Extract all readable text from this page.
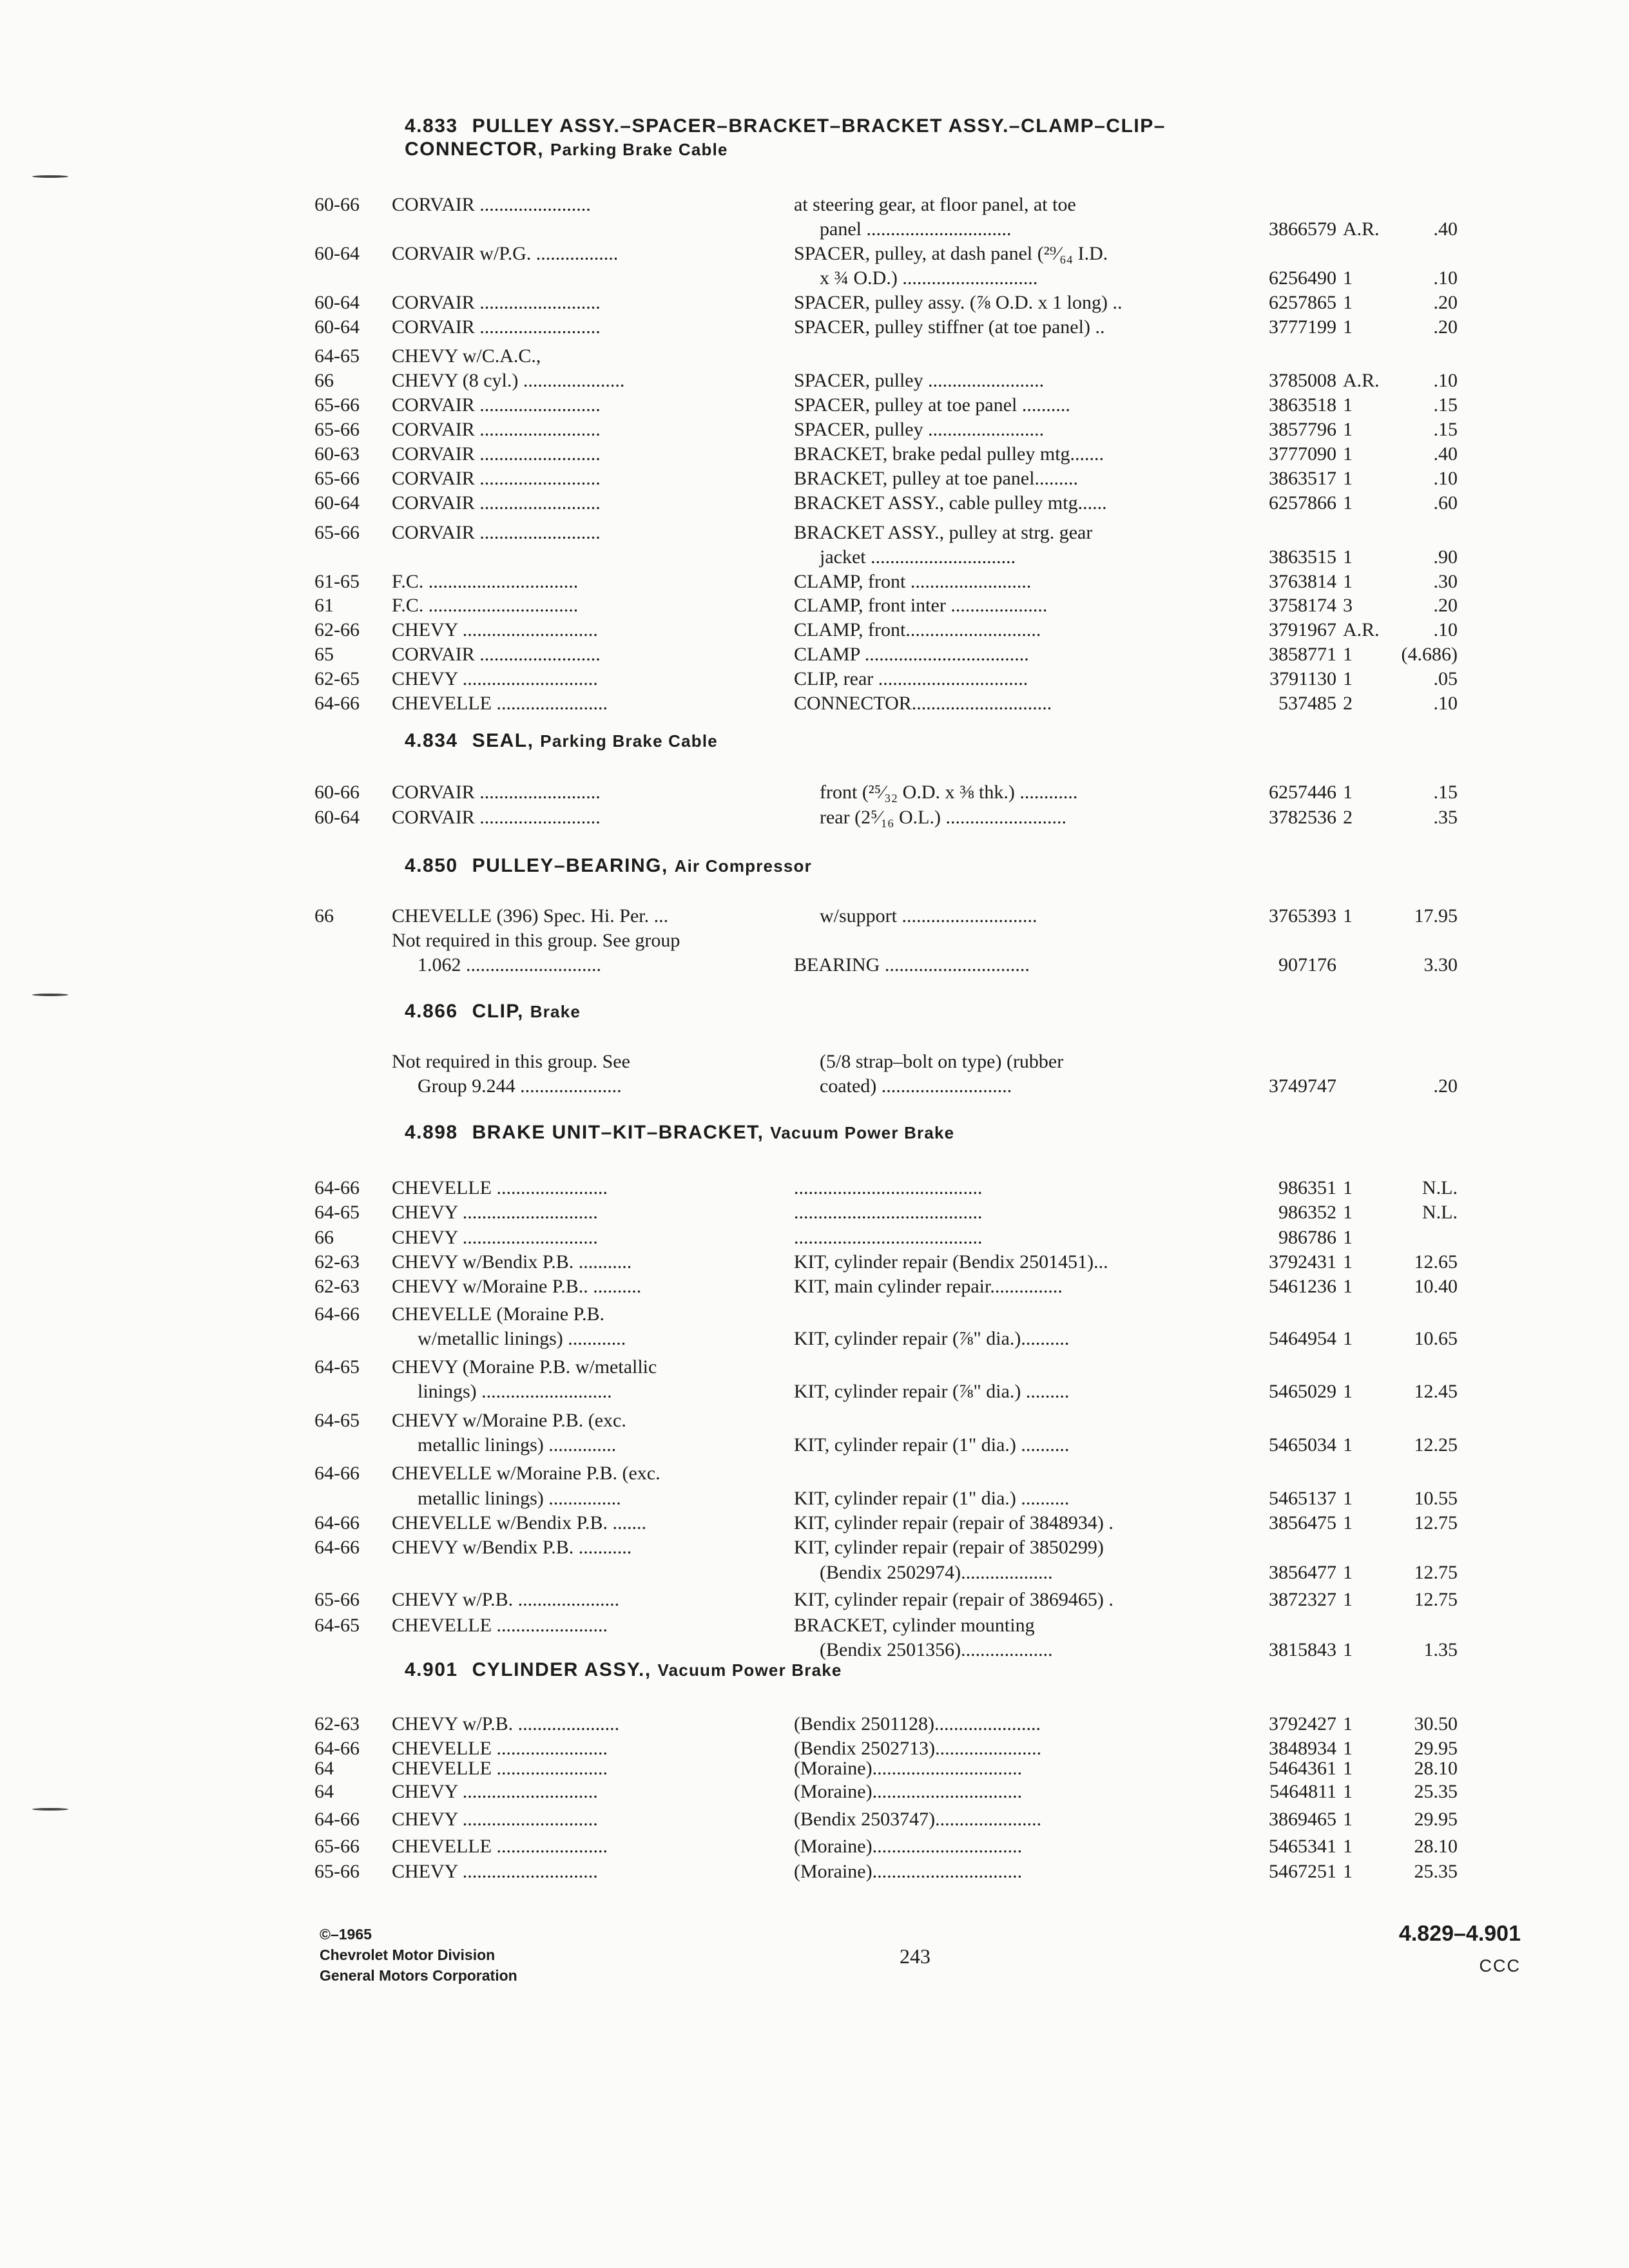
4.833 PULLEY ASSY.–SPACER–BRACKET–BRACKET ASSY.–CLAMP–CLIP–
CONNECTOR, Parking Brake Cable
60-66	CORVAIR .......................	at steering gear, at floor panel, at toe
panel ..............................	3866579 A.R.	.40
60-64	CORVAIR w/P.G. .................	SPACER, pulley, at dash panel (²⁹⁄₆₄ I.D.
x ¾ O.D.) ............................	6256490 1	.10
60-64	CORVAIR .........................	SPACER, pulley assy. (⅞ O.D. x 1 long) ..	6257865 1	.20
60-64	CORVAIR .........................	SPACER, pulley stiffner (at toe panel) ..	3777199 1	.20
64-65	CHEVY w/C.A.C.,
66	CHEVY (8 cyl.) .....................	SPACER, pulley ........................	3785008 A.R.	.10
65-66	CORVAIR .........................	SPACER, pulley at toe panel ..........	3863518 1	.15
65-66	CORVAIR .........................	SPACER, pulley ........................	3857796 1	.15
60-63	CORVAIR .........................	BRACKET, brake pedal pulley mtg.......	3777090 1	.40
65-66	CORVAIR .........................	BRACKET, pulley at toe panel.........	3863517 1	.10
60-64	CORVAIR .........................	BRACKET ASSY., cable pulley mtg......	6257866 1	.60
65-66	CORVAIR .........................	BRACKET ASSY., pulley at strg. gear
jacket ..............................	3863515 1	.90
61-65	F.C. ...............................	CLAMP, front .........................	3763814 1	.30
61	F.C. ...............................	CLAMP, front inter ....................	3758174 3	.20
62-66	CHEVY ............................	CLAMP, front............................	3791967 A.R.	.10
65	CORVAIR .........................	CLAMP ..................................	3858771 1	(4.686)
62-65	CHEVY ............................	CLIP, rear ...............................	3791130 1	.05
64-66	CHEVELLE .......................	CONNECTOR.............................	537485 2	.10
4.834 SEAL, Parking Brake Cable
60-66	CORVAIR .........................	front (²⁵⁄₃₂ O.D. x ⅜ thk.) ............	6257446 1	.15
60-64	CORVAIR .........................	rear (2⁵⁄₁₆ O.L.) .........................	3782536 2	.35
4.850 PULLEY–BEARING, Air Compressor
66	CHEVELLE (396) Spec. Hi. Per. ...	w/support ............................	3765393 1	17.95
Not required in this group. See group
1.062 ............................	BEARING ..............................	907176	3.30
4.866 CLIP, Brake
Not required in this group. See	(5/8 strap–bolt on type) (rubber
Group 9.244 .....................	coated) ...........................	3749747	.20
4.898 BRAKE UNIT–KIT–BRACKET, Vacuum Power Brake
64-66	CHEVELLE .......................	.......................................	986351 1	N.L.
64-65	CHEVY ............................	.......................................	986352 1	N.L.
66	CHEVY ............................	.......................................	986786 1
62-63	CHEVY w/Bendix P.B. ...........	KIT, cylinder repair (Bendix 2501451)...	3792431 1	12.65
62-63	CHEVY w/Moraine P.B.. ..........	KIT, main cylinder repair...............	5461236 1	10.40
64-66	CHEVELLE (Moraine P.B.
w/metallic linings) ............	KIT, cylinder repair (⅞" dia.)..........	5464954 1	10.65
64-65	CHEVY (Moraine P.B. w/metallic
linings) ...........................	KIT, cylinder repair (⅞" dia.) .........	5465029 1	12.45
64-65	CHEVY w/Moraine P.B. (exc.
metallic linings) ..............	KIT, cylinder repair (1" dia.) ..........	5465034 1	12.25
64-66	CHEVELLE w/Moraine P.B. (exc.
metallic linings) ...............	KIT, cylinder repair (1" dia.) ..........	5465137 1	10.55
64-66	CHEVELLE w/Bendix P.B. .......	KIT, cylinder repair (repair of 3848934) .	3856475 1	12.75
64-66	CHEVY w/Bendix P.B. ...........	KIT, cylinder repair (repair of 3850299)
(Bendix 2502974)...................	3856477 1	12.75
65-66	CHEVY w/P.B. .....................	KIT, cylinder repair (repair of 3869465) .	3872327 1	12.75
64-65	CHEVELLE .......................	BRACKET, cylinder mounting
(Bendix 2501356)...................	3815843 1	1.35
4.901 CYLINDER ASSY., Vacuum Power Brake
62-63	CHEVY w/P.B. .....................	(Bendix 2501128)......................	3792427 1	30.50
64-66	CHEVELLE .......................	(Bendix 2502713)......................	3848934 1	29.95
64	CHEVELLE .......................	(Moraine)...............................	5464361 1	28.10
64	CHEVY ............................	(Moraine)...............................	5464811 1	25.35
64-66	CHEVY ............................	(Bendix 2503747)......................	3869465 1	29.95
65-66	CHEVELLE .......................	(Moraine)...............................	5465341 1	28.10
65-66	CHEVY ............................	(Moraine)...............................	5467251 1	25.35
©–1965
Chevrolet Motor Division
General Motors Corporation
243
4.829–4.901
CCC
